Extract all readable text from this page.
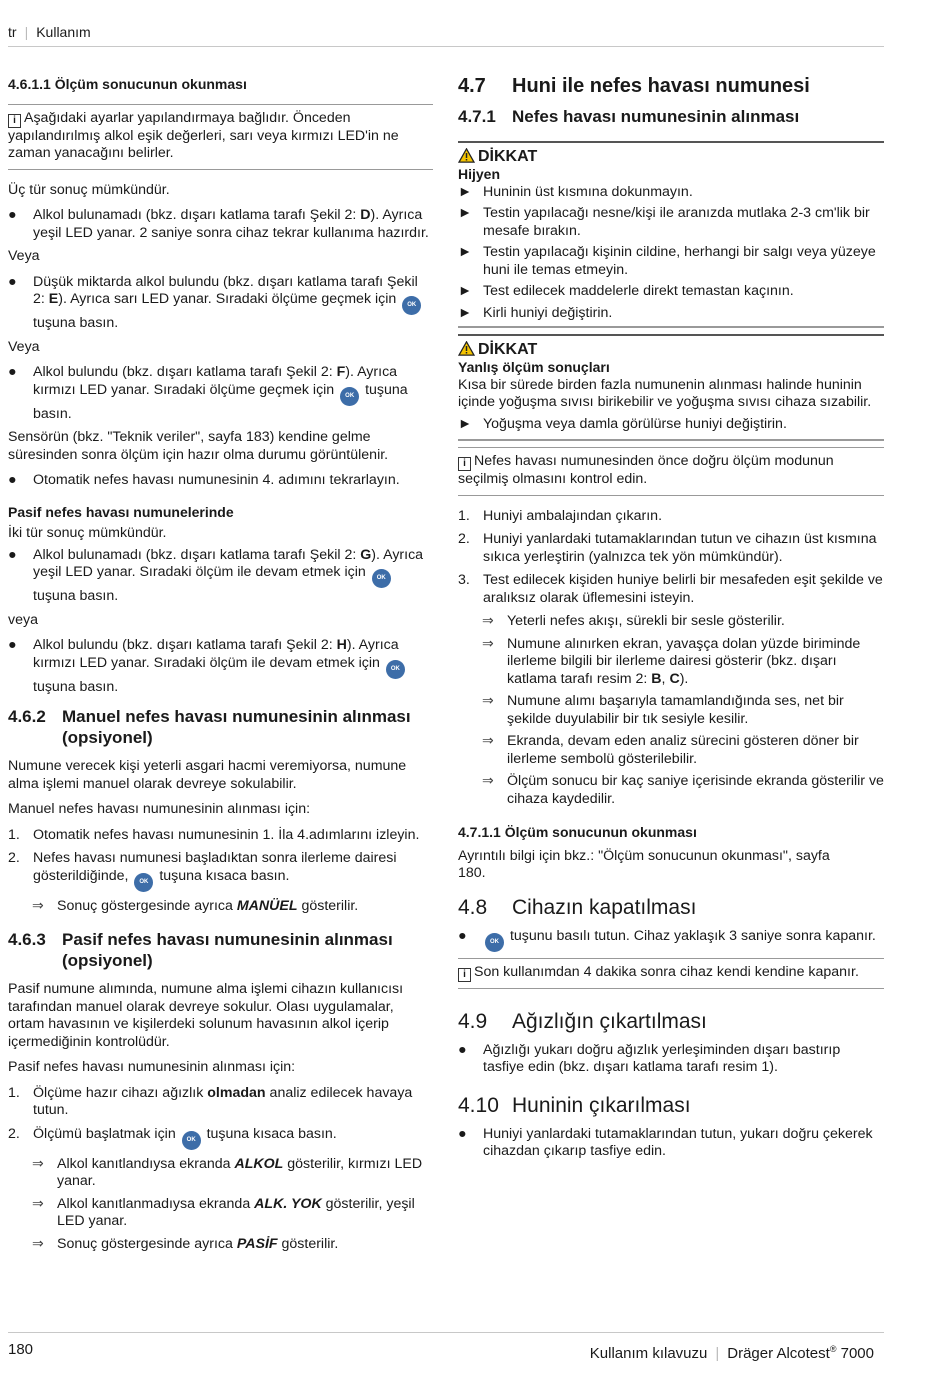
tr | Kullanım
4.6.1.1 Ölçüm sonucunun okunması
i Aşağıdaki ayarlar yapılandırmaya bağlıdır. Önceden yapılandırılmış alkol eşik değerleri, sarı veya kırmızı LED'in ne zaman yanacağını belirler.

Üç tür sonuç mümkündür.

●	Alkol bulunamadı (bkz. dışarı katlama tarafı Şekil 2: D). Ayrıca yeşil LED yanar. 2 saniye sonra cihaz tekrar kullanıma hazırdır.

Veya

●	Düşük miktarda alkol bulundu (bkz. dışarı katlama tarafı Şekil 2: E). Ayrıca sarı LED yanar. Sıradaki ölçüme geçmek için OK tuşuna basın.

Veya

●	Alkol bulundu (bkz. dışarı katlama tarafı Şekil 2: F). Ayrıca kırmızı LED yanar. Sıradaki ölçüme geçmek için OK tuşuna basın.

Sensörün (bkz. "Teknik veriler", sayfa 183) kendine gelme süresinden sonra ölçüm için hazır olma durumu görüntülenir.

●	Otomatik nefes havası numunesinin 4. adımını tekrarlayın.
Pasif nefes havası numunelerinde

İki tür sonuç mümkündür.

●	Alkol bulunamadı (bkz. dışarı katlama tarafı Şekil 2: G). Ayrıca yeşil LED yanar. Sıradaki ölçüm ile devam etmek için OK tuşuna basın.

veya

●	Alkol bulundu (bkz. dışarı katlama tarafı Şekil 2: H). Ayrıca kırmızı LED yanar. Sıradaki ölçüm ile devam etmek için OK tuşuna basın.
4.6.2 Manuel nefes havası numunesinin alınması (opsiyonel)

Numune verecek kişi yeterli asgari hacmi veremiyorsa, numune alma işlemi manuel olarak devreye sokulabilir.

Manuel nefes havası numunesinin alınması için:

1. Otomatik nefes havası numunesinin 1. İla 4.adımlarını izleyin.
2. Nefes havası numunesi başladıktan sonra ilerleme dairesi gösterildiğinde, OK tuşuna kısaca basın.
⇒ Sonuç göstergesinde ayrıca MANÜEL gösterilir.
4.6.3 Pasif nefes havası numunesinin alınması (opsiyonel)

Pasif numune alımında, numune alma işlemi cihazın kullanıcısı tarafından manuel olarak devreye sokulur. Olası uygulamalar, ortam havasının ve kişilerdeki solunum havasının alkol içerip içermediğinin kontrolüdür.

Pasif nefes havası numunesinin alınması için:

1. Ölçüme hazır cihazı ağızlık olmadan analiz edilecek havaya tutun.
2. Ölçümü başlatmak için OK tuşuna kısaca basın.
⇒ Alkol kanıtlandıysa ekranda ALKOL gösterilir, kırmızı LED yanar.
⇒ Alkol kanıtlanmadıysa ekranda ALK. YOK gösterilir, yeşil LED yanar.
⇒ Sonuç göstergesinde ayrıca PASİF gösterilir.
4.7	Huni ile nefes havası numunesi
4.7.1 Nefes havası numunesinin alınması
DİKKAT
Hijyen
► Huninin üst kısmına dokunmayın.
► Testin yapılacağı nesne/kişi ile aranızda mutlaka 2-3 cm'lik bir mesafe bırakın.
► Testin yapılacağı kişinin cildine, herhangi bir salgı veya yüzeye huni ile temas etmeyin.
► Test edilecek maddelerle direkt temastan kaçının.
► Kirli huniyi değiştirin.
DİKKAT
Yanlış ölçüm sonuçları

Kısa bir sürede birden fazla numunenin alınması halinde huninin içinde yoğuşma sıvısı birikebilir ve yoğuşma sıvısı cihaza sızabilir.

► Yoğuşma veya damla görülürse huniyi değiştirin.
i Nefes havası numunesinden önce doğru ölçüm modunun seçilmiş olmasını kontrol edin.
1. Huniyi ambalajından çıkarın.
2. Huniyi yanlardaki tutamaklarından tutun ve cihazın üst kısmına sıkıca yerleştirin (yalnızca tek yön mümkündür).
3. Test edilecek kişiden huniye belirli bir mesafeden eşit şekilde ve aralıksız olarak üflemesini isteyin.
⇒ Yeterli nefes akışı, sürekli bir sesle gösterilir.
⇒ Numune alınırken ekran, yavaşça dolan yüzde biriminde ilerleme bilgili bir ilerleme dairesi gösterir (bkz. dışarı katlama tarafı resim 2: B, C).
⇒ Numune alımı başarıyla tamamlandığında ses, net bir şekilde duyulabilir bir tık sesiyle kesilir.
⇒ Ekranda, devam eden analiz sürecini gösteren döner bir ilerleme sembolü gösterilebilir.
⇒ Ölçüm sonucu bir kaç saniye içerisinde ekranda gösterilir ve cihaza kaydedilir.
4.7.1.1 Ölçüm sonucunun okunması

Ayrıntılı bilgi için bkz.: "Ölçüm sonucunun okunması", sayfa 180.

4.8	Cihazın kapatılması
●	OK tuşunu basılı tutun. Cihaz yaklaşık 3 saniye sonra kapanır.
i Son kullanımdan 4 dakika sonra cihaz kendi kendine kapanır.
4.9	Ağızlığın çıkartılması
●	Ağızlığı yukarı doğru ağızlık yerleşiminden dışarı bastırıp tasfiye edin (bkz. dışarı katlama tarafı resim 1).
4.10 Huninin çıkarılması
●	Huniyi yanlardaki tutamaklarından tutun, yukarı doğru çekerek cihazdan çıkarıp tasfiye edin.
180	Kullanım kılavuzu | Dräger Alcotest® 7000
